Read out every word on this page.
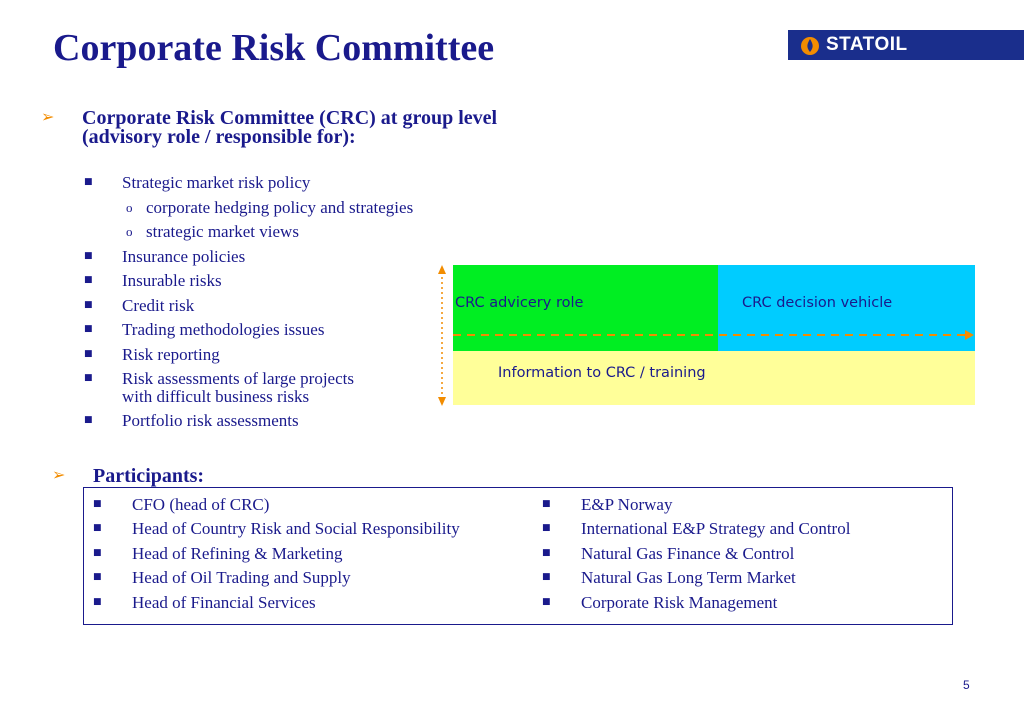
Corporate Risk Committee	STATOIL
➢ Corporate Risk Committee (CRC) at group level
(advisory role / responsible for):
■ Strategic market risk policy
o corporate hedging policy and strategies
o strategic market views
■ Insurance policies
■ Insurable risks
■ Credit risk
■ Trading methodologies issues
■ Risk reporting
■ Risk assessments of large projects
with difficult business risks
■ Portfolio risk assessments
CRC advicery role	CRC decision vehicle
Information to CRC / training
➢ Participants:
■ CFO (head of CRC)
■ Head of Country Risk and Social Responsibility
■ Head of Refining & Marketing
■ Head of Oil Trading and Supply
■ Head of Financial Services
■ E&P Norway
■ International E&P Strategy and Control
■ Natural Gas Finance & Control
■ Natural Gas Long Term Market
■ Corporate Risk Management
5
